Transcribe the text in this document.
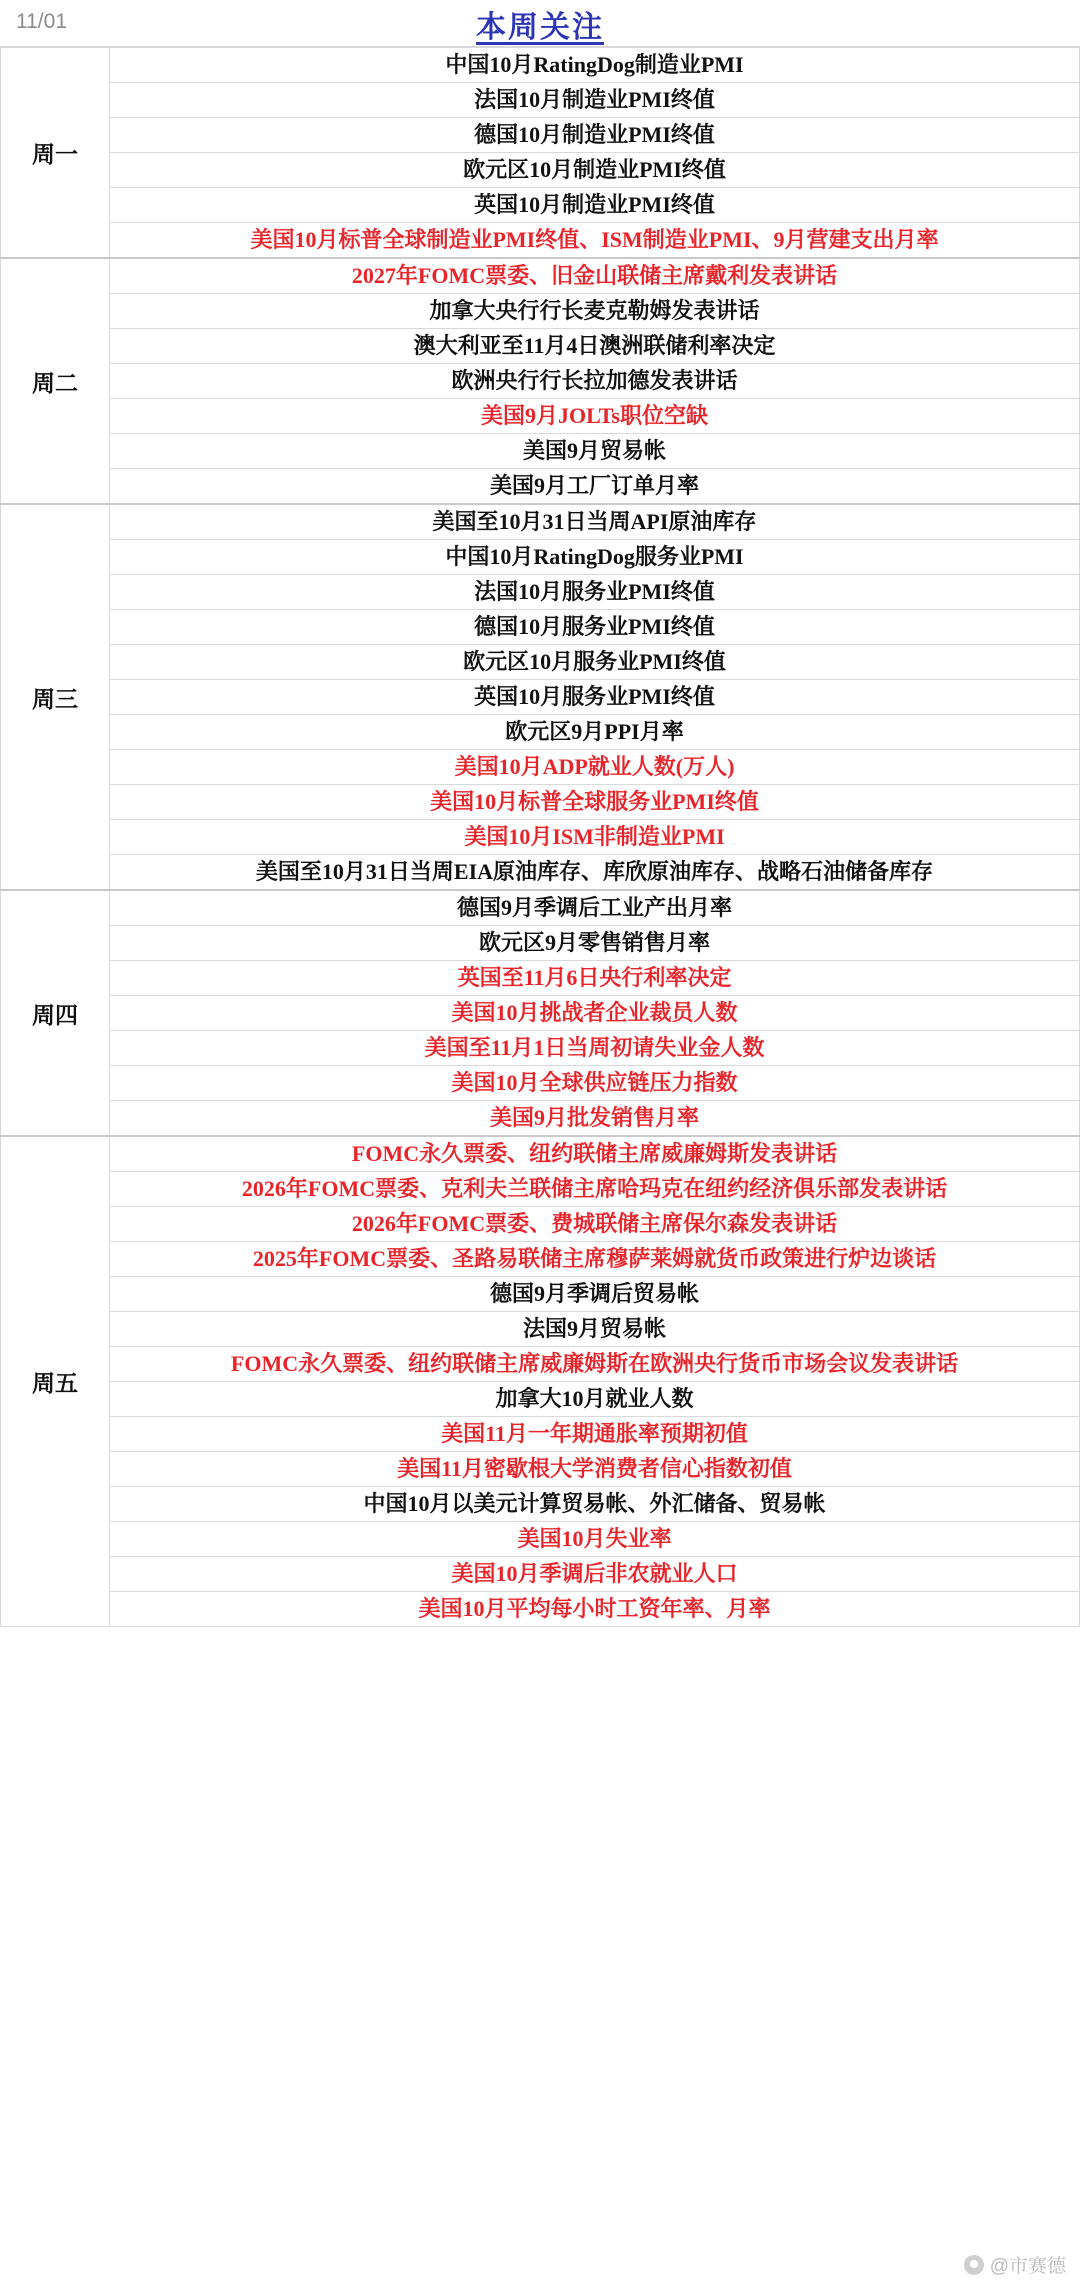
11/01	本周关注
周一	中国10月RatingDog制造业PMI
	法国10月制造业PMI终值
	德国10月制造业PMI终值
	欧元区10月制造业PMI终值
	英国10月制造业PMI终值
	美国10月标普全球制造业PMI终值、ISM制造业PMI、9月营建支出月率
周二	2027年FOMC票委、旧金山联储主席戴利发表讲话
	加拿大央行行长麦克勒姆发表讲话
	澳大利亚至11月4日澳洲联储利率决定
	欧洲央行行长拉加德发表讲话
	美国9月JOLTs职位空缺
	美国9月贸易帐
	美国9月工厂订单月率
周三	美国至10月31日当周API原油库存
	中国10月RatingDog服务业PMI
	法国10月服务业PMI终值
	德国10月服务业PMI终值
	欧元区10月服务业PMI终值
	英国10月服务业PMI终值
	欧元区9月PPI月率
	美国10月ADP就业人数(万人)
	美国10月标普全球服务业PMI终值
	美国10月ISM非制造业PMI
	美国至10月31日当周EIA原油库存、库欣原油库存、战略石油储备库存
周四	德国9月季调后工业产出月率
	欧元区9月零售销售月率
	英国至11月6日央行利率决定
	美国10月挑战者企业裁员人数
	美国至11月1日当周初请失业金人数
	美国10月全球供应链压力指数
	美国9月批发销售月率
周五	FOMC永久票委、纽约联储主席威廉姆斯发表讲话
	2026年FOMC票委、克利夫兰联储主席哈玛克在纽约经济俱乐部发表讲话
	2026年FOMC票委、费城联储主席保尔森发表讲话
	2025年FOMC票委、圣路易联储主席穆萨莱姆就货币政策进行炉边谈话
	德国9月季调后贸易帐
	法国9月贸易帐
	FOMC永久票委、纽约联储主席威廉姆斯在欧洲央行货币市场会议发表讲话
	加拿大10月就业人数
	美国11月一年期通胀率预期初值
	美国11月密歇根大学消费者信心指数初值
	中国10月以美元计算贸易帐、外汇储备、贸易帐
	美国10月失业率
	美国10月季调后非农就业人口
	美国10月平均每小时工资年率、月率
@市赛德
